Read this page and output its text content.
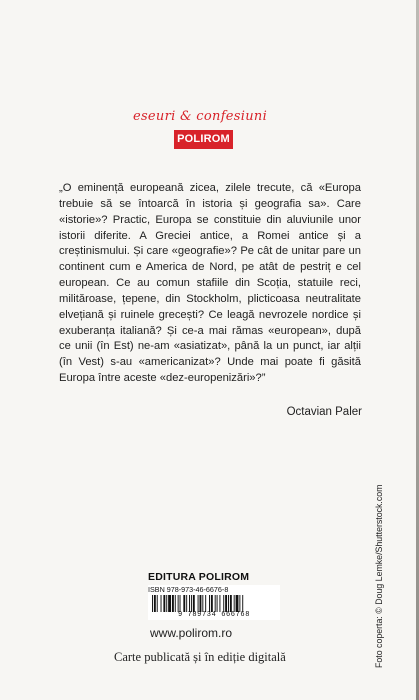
eseuri & confesiuni
POLIROM

„O eminență europeană zicea, zilele trecute, că «Europa trebuie să se întoarcă în istoria și geografia sa». Care «istorie»? Practic, Europa se constituie din aluviunile unor istorii diferite. A Greciei antice, a Romei antice și a creștinismului. Și care «geografie»? Pe cât de unitar pare un continent cum e America de Nord, pe atât de pestriț e cel european. Ce au comun stafiile din Scoția, statuile reci, milităroase, țepene, din Stockholm, plicticoasa neutralitate elvețiană și ruinele grecești? Ce leagă nevrozele nordice și exuberanța italiană? Și ce-a mai rămas «european», după ce unii (în Est) ne-am «asiatizat», până la un punct, iar alții (în Vest) s-au «americanizat»? Unde mai poate fi găsită Europa între aceste «dez-europenizări»?”

Octavian Paler
Foto coperta: © Doug Lemke/Shutterstock.com
EDITURA POLIROM
ISBN 978-973-46-6676-8
9 789734 666768
www.polirom.ro
Carte publicată și în ediție digitală
